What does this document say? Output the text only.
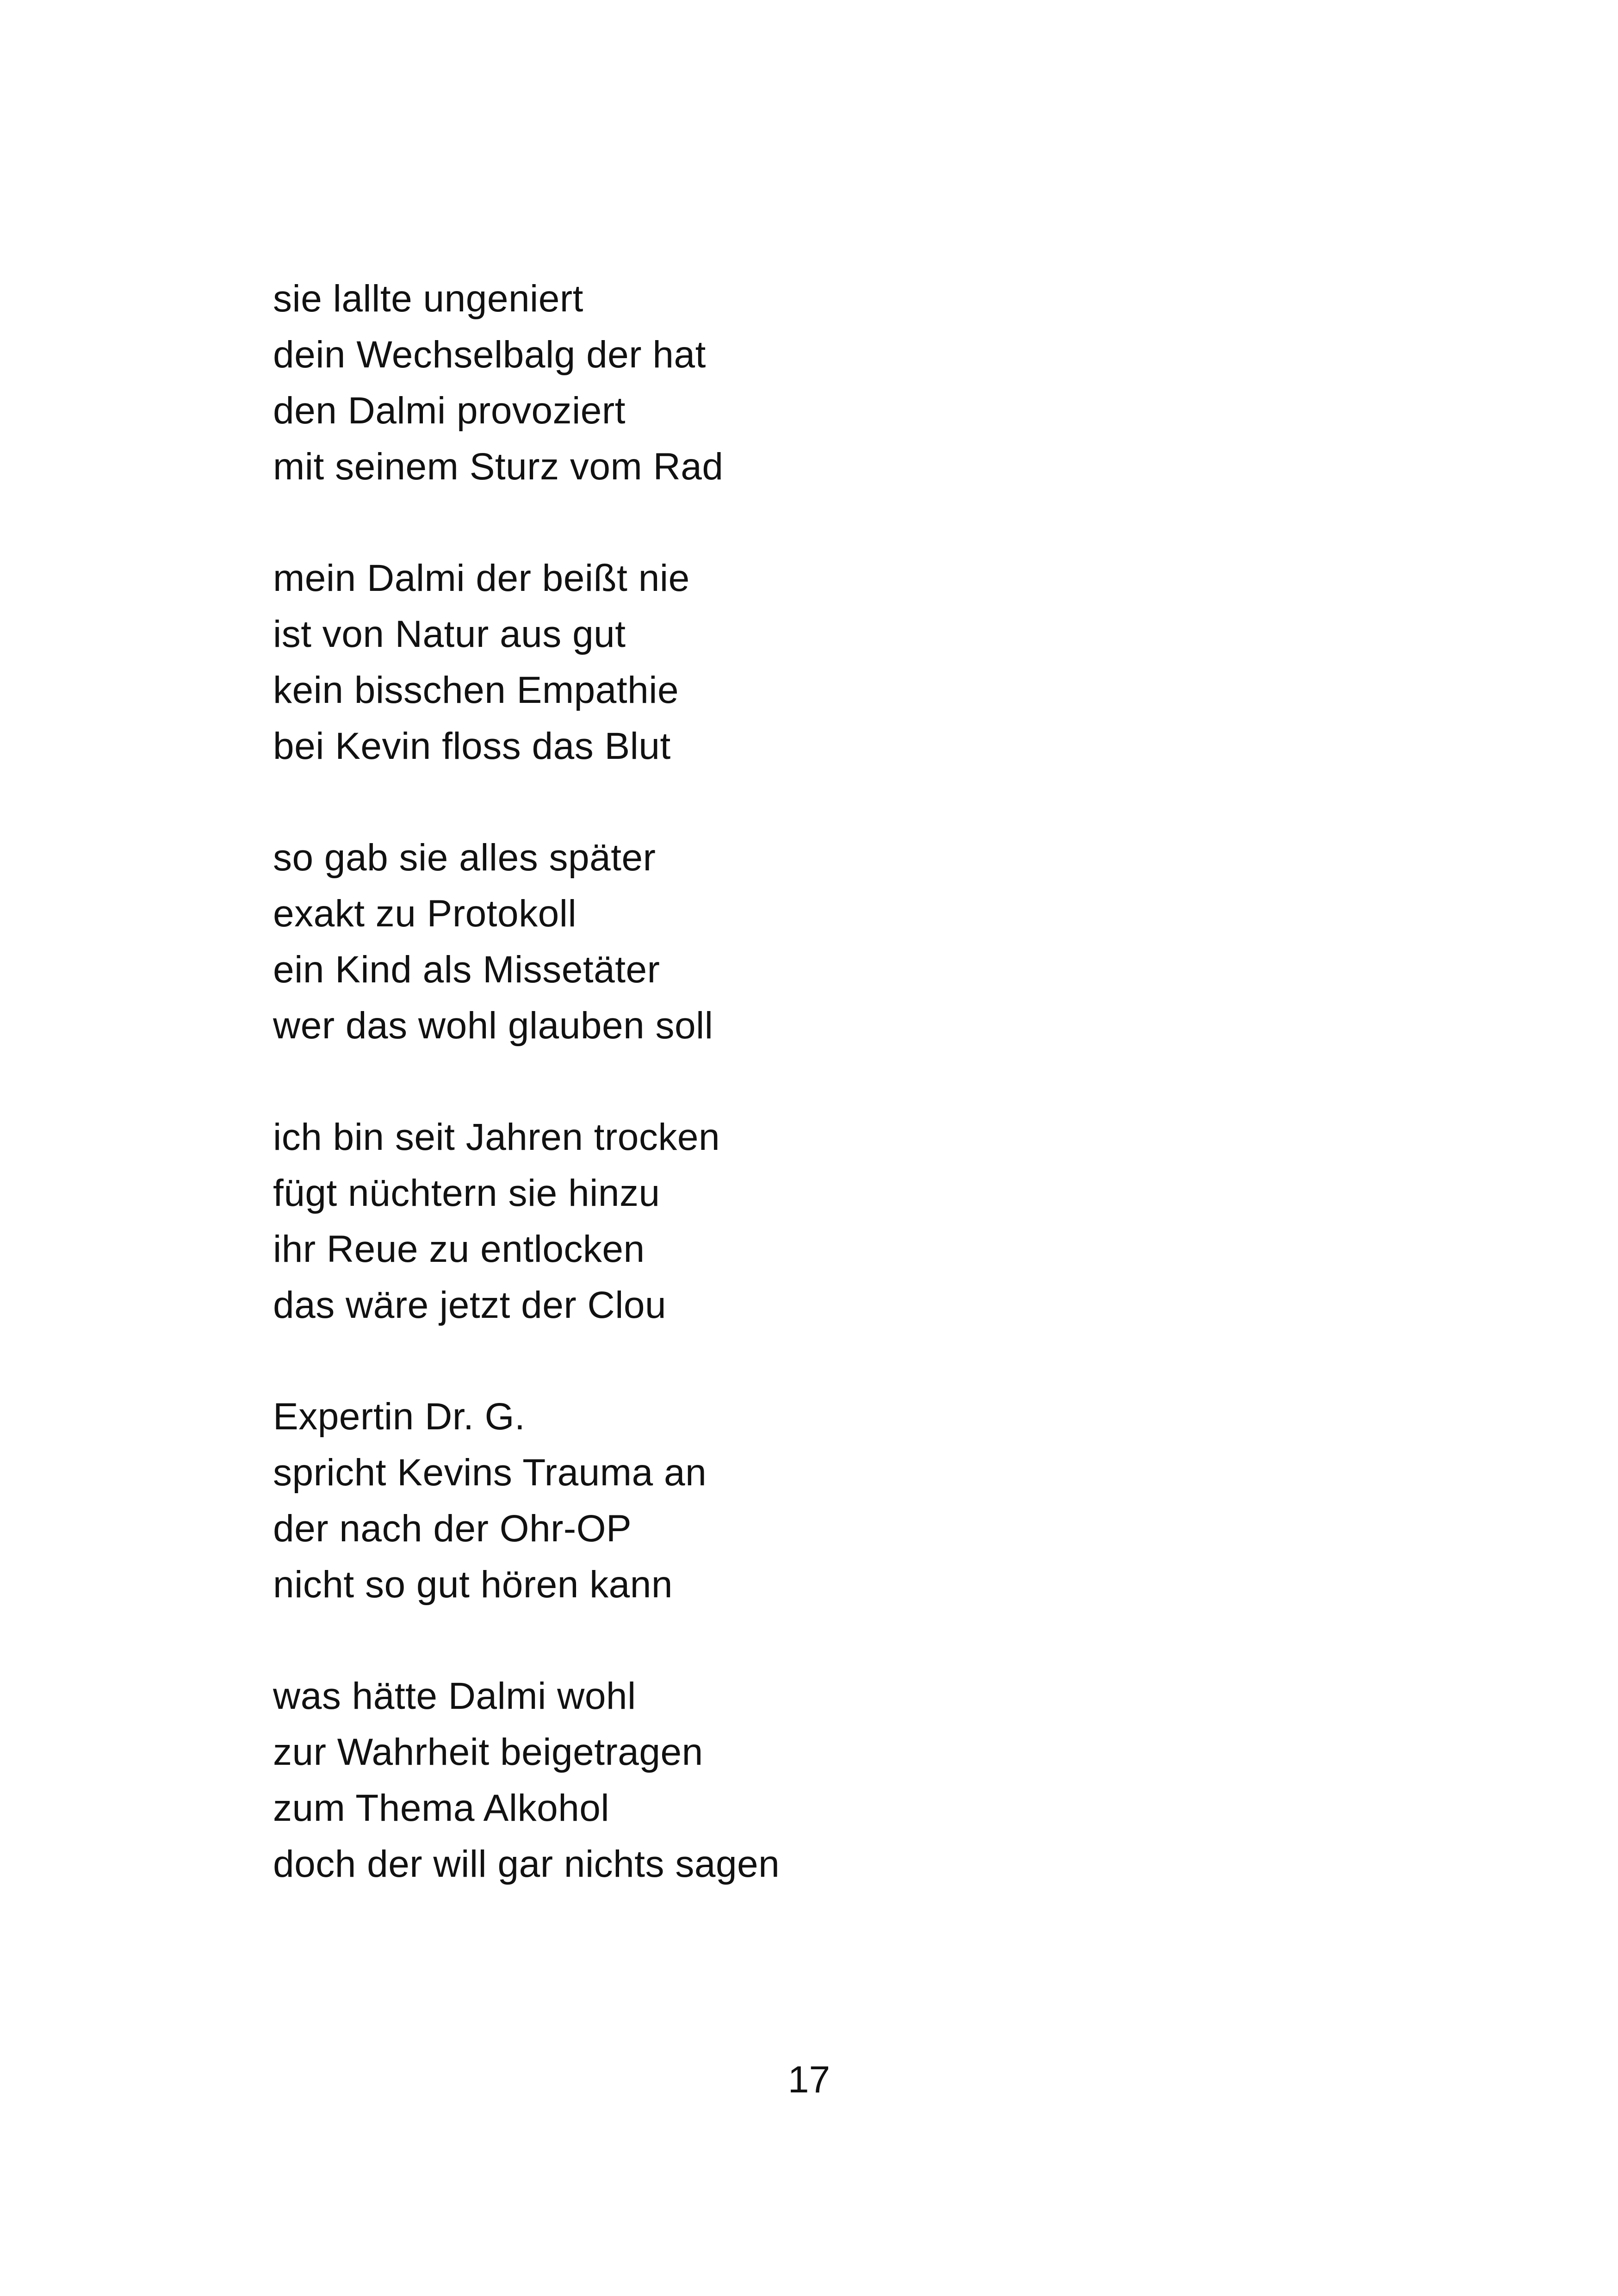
sie lallte ungeniert
dein Wechselbalg der hat
den Dalmi provoziert
mit seinem Sturz vom Rad
mein Dalmi der beißt nie
ist von Natur aus gut
kein bisschen Empathie
bei Kevin floss das Blut
so gab sie alles später
exakt zu Protokoll
ein Kind als Missetäter
wer das wohl glauben soll
ich bin seit Jahren trocken
fügt nüchtern sie hinzu
ihr Reue zu entlocken
das wäre jetzt der Clou
Expertin Dr. G.
spricht Kevins Trauma an
der nach der Ohr-OP
nicht so gut hören kann
was hätte Dalmi wohl
zur Wahrheit beigetragen
zum Thema Alkohol
doch der will gar nichts sagen
17
